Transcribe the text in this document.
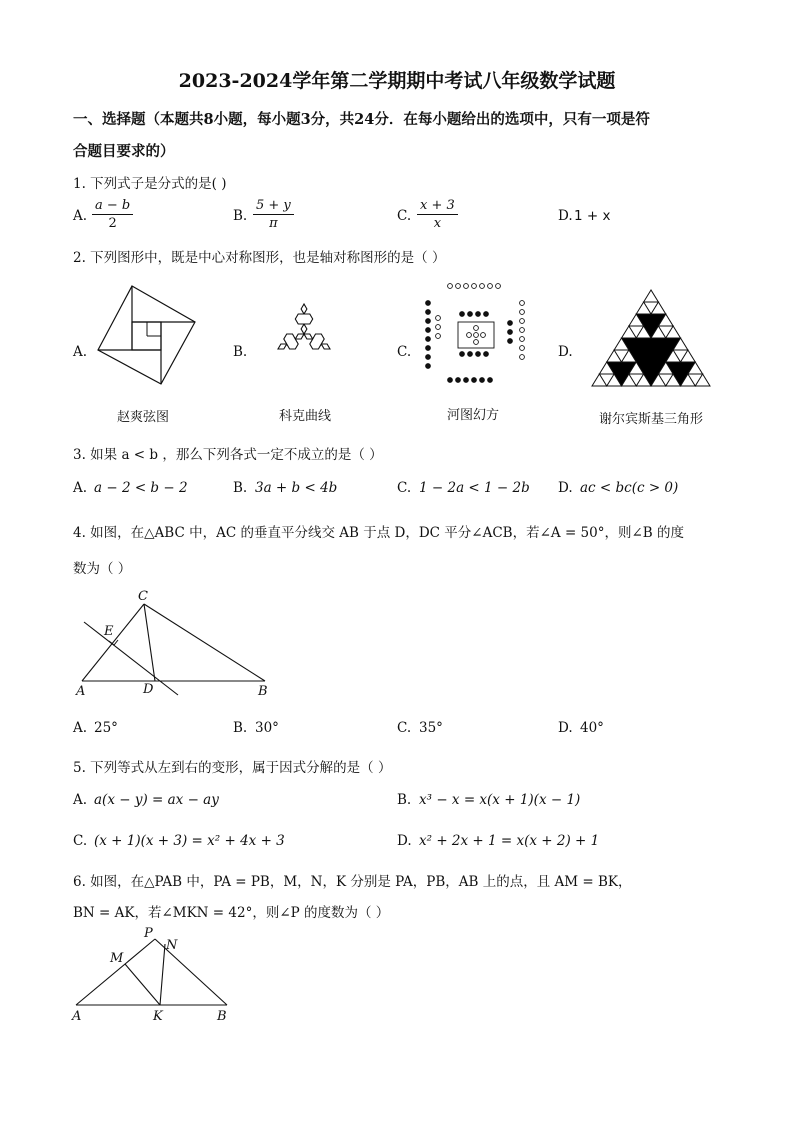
2023-2024学年第二学期期中考试八年级数学试题
一、选择题（本题共8小题，每小题3分，共24分．在每小题给出的选项中，只有一项是符
合题目要求的）
1. 下列式子是分式的是( )
A. $\frac{a - b}{2}$	B. $\frac{5 + y}{\pi}$	C. $\frac{x + 3}{x}$	D. 1 + x
2. 下列图形中，既是中心对称图形，也是轴对称图形的是（ ）
A.
赵爽弦图
B.
科克曲线
C.
河图幻方
D.
谢尔宾斯基三角形
3. 如果 a < b ，那么下列各式一定不成立的是（ ）
A. a − 2 < b − 2	B. 3a + b < 4b	C. 1 − 2a < 1 − 2b D. ac < bc(c > 0)
4. 如图，在△ABC 中，AC 的垂直平分线交 AB 于点 D，DC 平分∠ACB，若∠A = 50°，则∠B 的度
数为（ ）
C
E
A	D	B
A. 25°	B. 30°	C. 35°	D. 40°
5. 下列等式从左到右的变形，属于因式分解的是（ ）
A. a(x − y) = ax − ay	B. x³ − x = x(x + 1)(x − 1)
C. (x + 1)(x + 3) = x² + 4x + 3	D. x² + 2x + 1 = x(x + 2) + 1
6. 如图，在△PAB 中，PA = PB，M，N，K 分别是 PA，PB，AB 上的点，且 AM = BK，
BN = AK，若∠MKN = 42°，则∠P 的度数为（ ）
P
N
M
A	K	B
